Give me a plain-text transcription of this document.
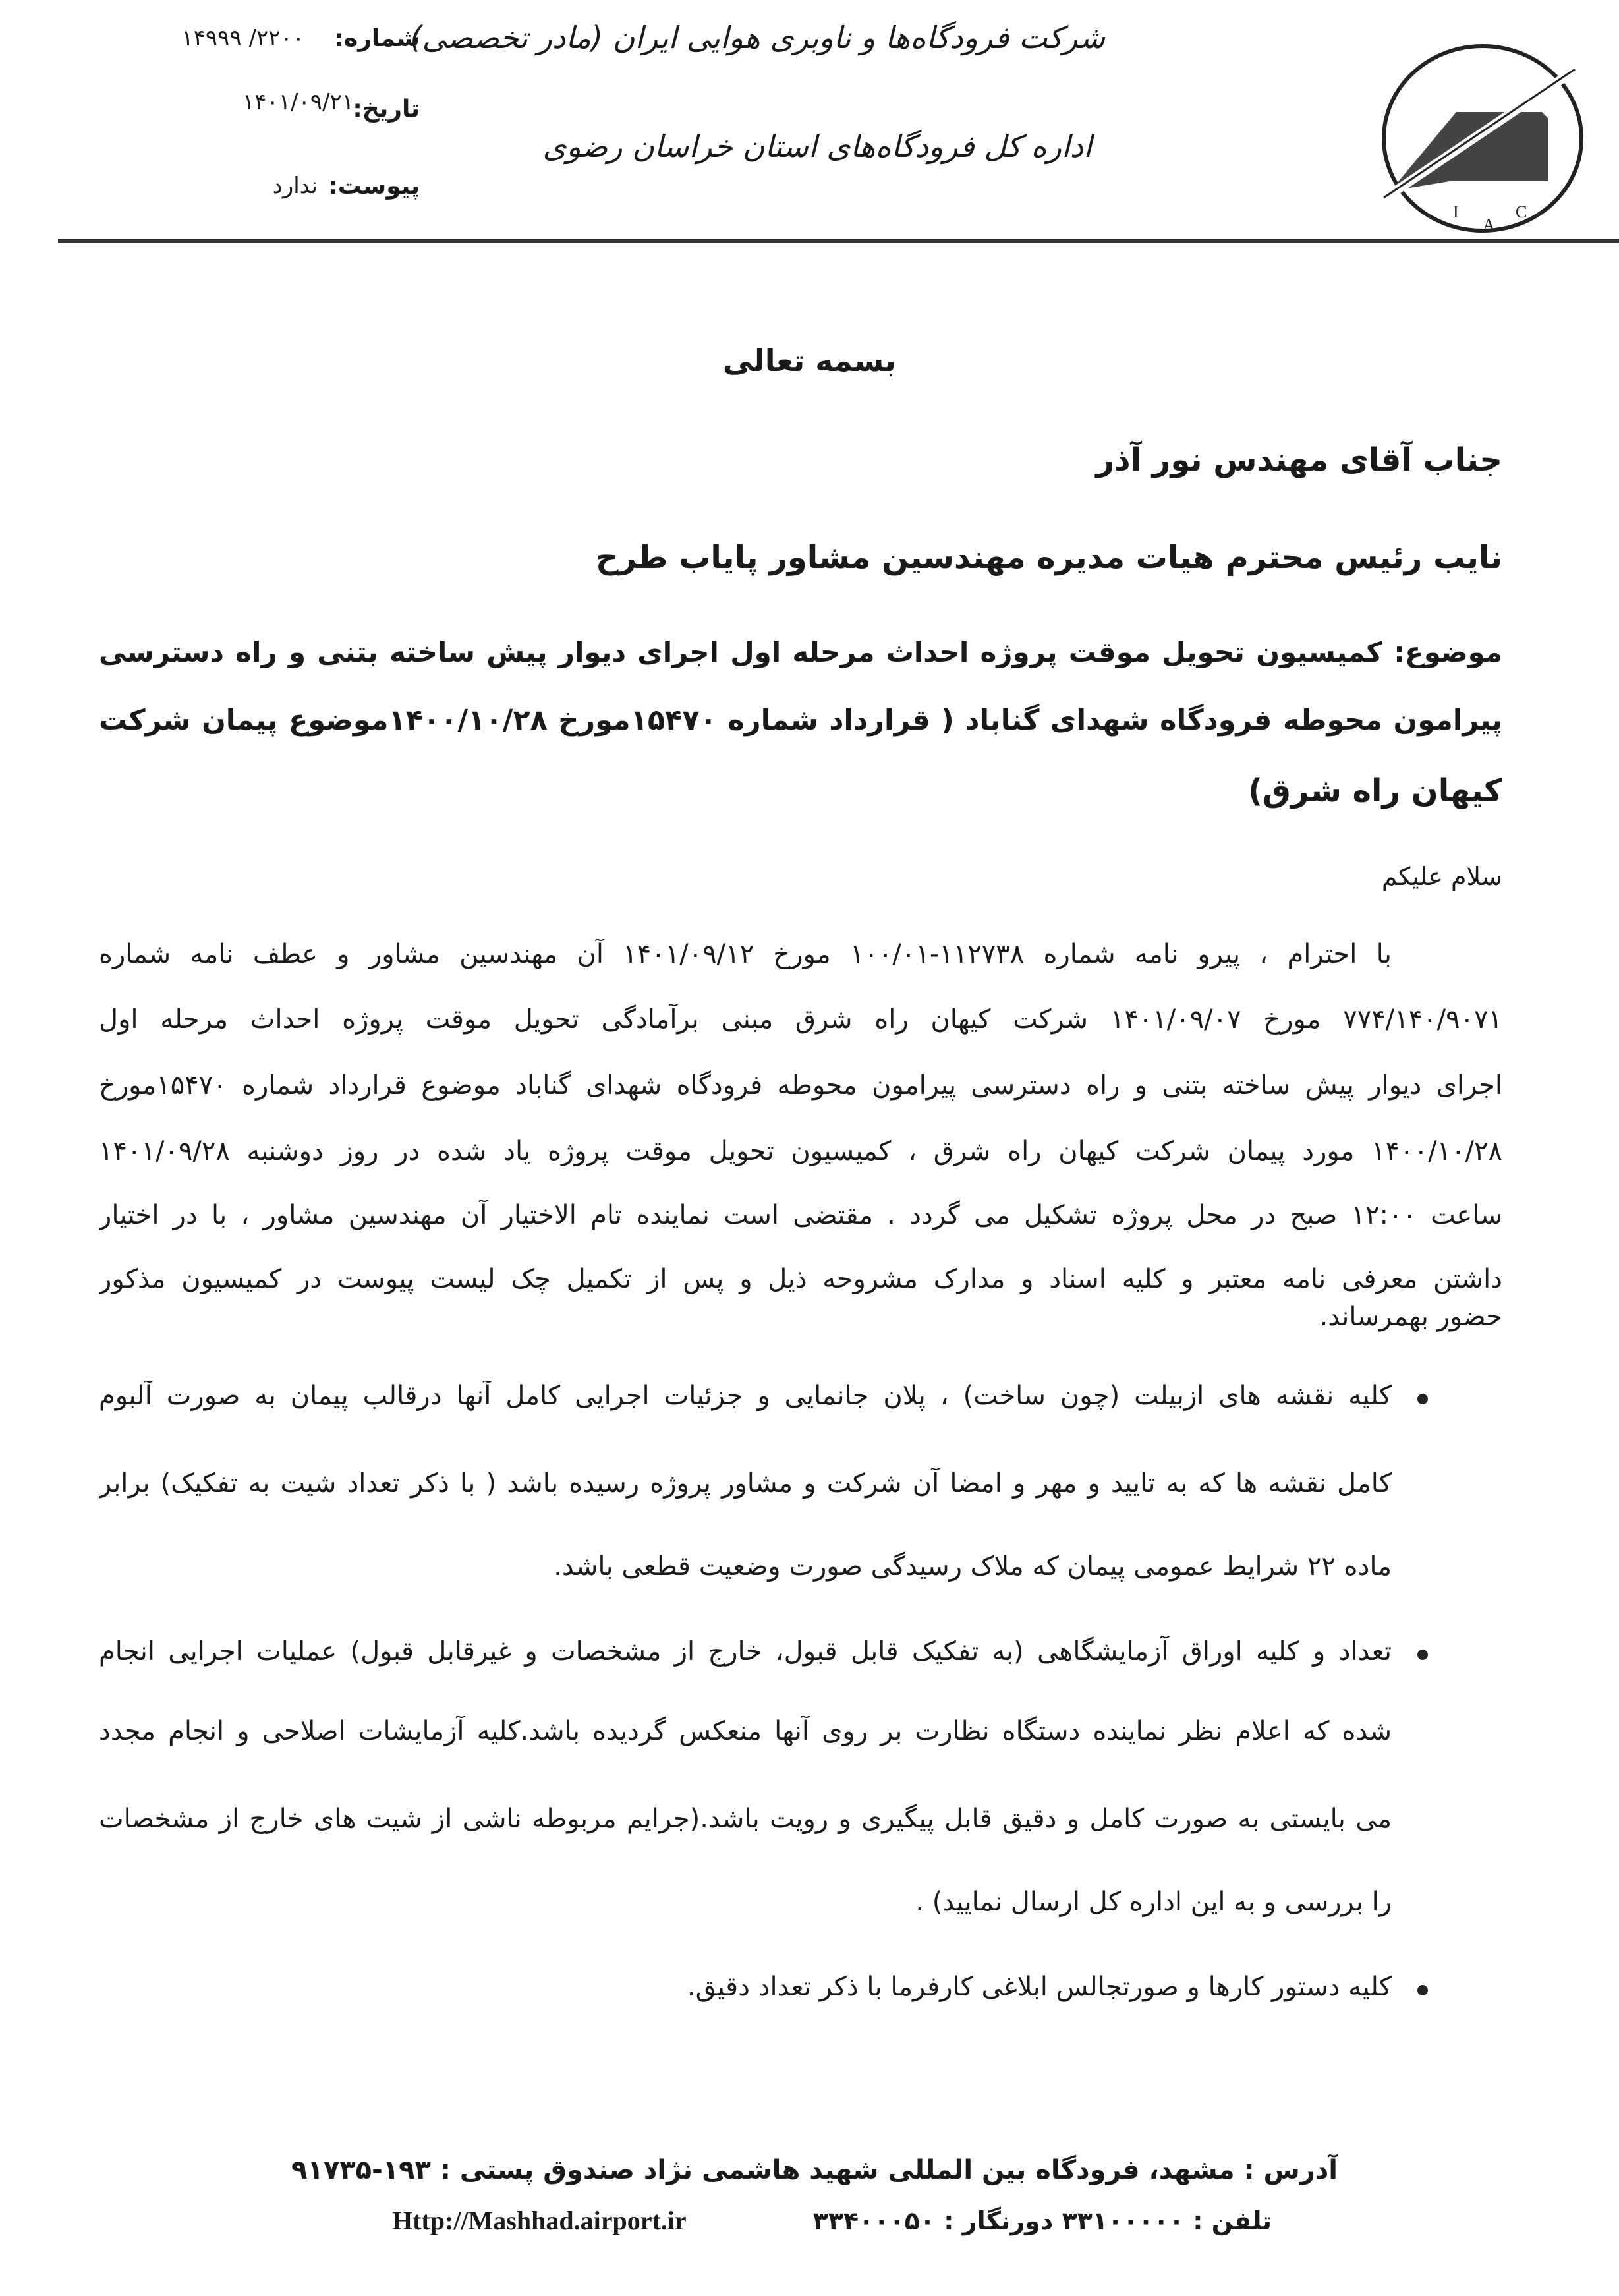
I
A
C
شرکت فرودگاه‌ها و ناوبری هوایی ایران (مادر تخصصی)
اداره کل فرودگاه‌های استان خراسان رضوی
شماره:
۲۲۰۰/ ۱۴۹۹۹
تاریخ:
۱۴۰۱/۰۹/۲۱
پیوست:
ندارد
بسمه تعالی
جناب آقای مهندس نور آذر
نایب رئیس محترم هیات مدیره مهندسین مشاور پایاب طرح
موضوع: کمیسیون تحویل موقت پروژه احداث مرحله اول اجرای دیوار پیش ساخته بتنی و راه دسترسی
پیرامون محوطه فرودگاه شهدای گناباد ( قرارداد شماره ۱۵۴۷۰مورخ ۱۴۰۰/۱۰/۲۸موضوع پیمان شرکت
کیهان راه شرق)
سلام علیکم
با احترام ، پیرو نامه شماره ۱۱۲۷۳۸-۱۰۰/۰۱ مورخ ۱۴۰۱/۰۹/۱۲ آن مهندسین مشاور و عطف نامه شماره
۷۷۴/۱۴۰/۹۰۷۱ مورخ ۱۴۰۱/۰۹/۰۷ شرکت کیهان راه شرق مبنی برآمادگی تحویل موقت پروژه احداث مرحله اول
اجرای دیوار پیش ساخته بتنی و راه دسترسی پیرامون محوطه فرودگاه شهدای گناباد موضوع قرارداد شماره ۱۵۴۷۰مورخ
۱۴۰۰/۱۰/۲۸ مورد پیمان شرکت کیهان راه شرق ، کمیسیون تحویل موقت پروژه یاد شده در روز دوشنبه ۱۴۰۱/۰۹/۲۸
ساعت ۱۲:۰۰ صبح در محل پروژه تشکیل می گردد . مقتضی است نماینده تام الاختیار آن مهندسین مشاور ، با در اختیار
داشتن معرفی نامه معتبر و کلیه اسناد و مدارک مشروحه ذیل و پس از تکمیل چک لیست پیوست در کمیسیون مذکور
حضور بهمرساند.
کلیه نقشه های ازبیلت (چون ساخت) ، پلان جانمایی و جزئیات اجرایی کامل آنها درقالب پیمان به صورت آلبوم
کامل نقشه ها که به تایید و مهر و امضا آن شرکت و مشاور پروژه رسیده باشد ( با ذکر تعداد شیت به تفکیک) برابر
ماده ۲۲ شرایط عمومی پیمان که ملاک رسیدگی صورت وضعیت قطعی باشد.
تعداد و کلیه اوراق آزمایشگاهی (به تفکیک قابل قبول، خارج از مشخصات و غیرقابل قبول) عملیات اجرایی انجام
شده که اعلام نظر نماینده دستگاه نظارت بر روی آنها منعکس گردیده باشد.کلیه آزمایشات اصلاحی و انجام مجدد
می بایستی به صورت کامل و دقیق قابل پیگیری و رویت باشد.(جرایم مربوطه ناشی از شیت های خارج از مشخصات
را بررسی و به این اداره کل ارسال نمایید) .
کلیه دستور کارها و صورتجالس ابلاغی کارفرما با ذکر تعداد دقیق.
آدرس : مشهد، فرودگاه بین المللی شهید هاشمی نژاد صندوق پستی : ۱۹۳-۹۱۷۳۵
تلفن : ۳۳۱۰۰۰۰۰ دورنگار : ۳۳۴۰۰۰۵۰
Http://Mashhad.airport.ir
